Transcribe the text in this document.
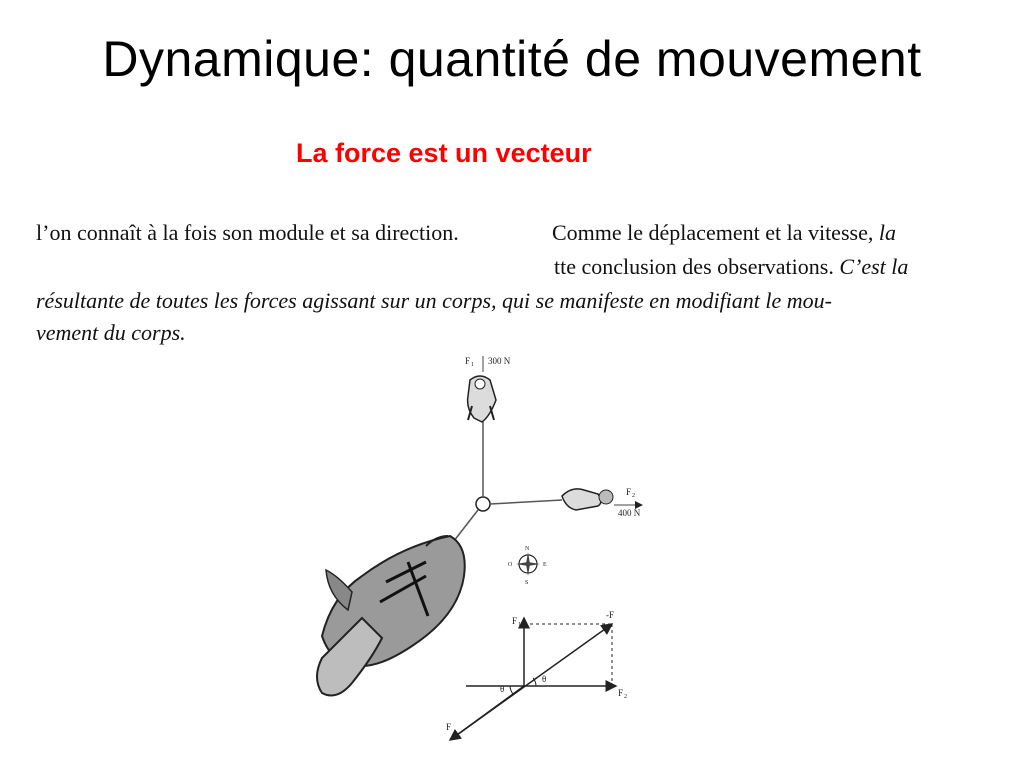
Dynamique: quantité de mouvement
La force est un vecteur
l’on connaît à la fois son module et sa direction.	Comme le déplacement et la vitesse, la
tte conclusion des observations. C’est la
résultante de toutes les forces agissant sur un corps, qui se manifeste en modifiant le mou-
vement du corps.
F 1 300 N
F 2
400 N
N
S
E
O
F 1
-F
F 2
θ
θ
F
